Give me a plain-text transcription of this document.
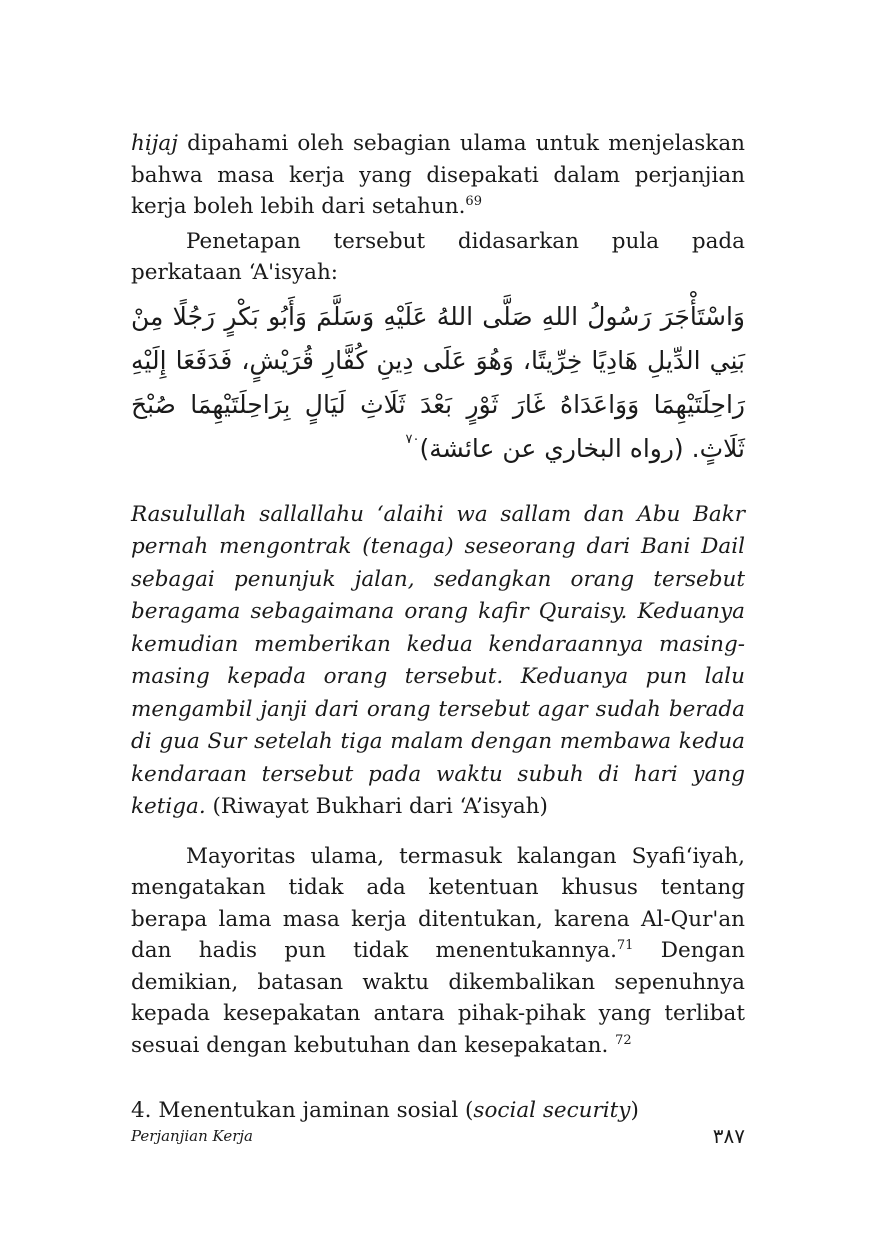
hijaj dipahami oleh sebagian ulama untuk menjelaskan bahwa masa kerja yang disepakati dalam perjanjian kerja boleh lebih dari setahun.$^{69}$

Penetapan tersebut didasarkan pula pada perkataan ‘A'isyah:

وَاسْتَأْجَرَ رَسُولُ اللهِ صَلَّى اللهُ عَلَيْهِ وَسَلَّمَ وَأَبُو بَكْرٍ رَجُلًا مِنْ بَنِي الدِّيلِ هَادِيًا خِرِّيتًا، وَهُوَ عَلَى دِينِ كُفَّارِ قُرَيْشٍ، فَدَفَعَا إِلَيْهِ رَاحِلَتَيْهِمَا وَوَاعَدَاهُ غَارَ ثَوْرٍ بَعْدَ ثَلَاثِ لَيَالٍ بِرَاحِلَتَيْهِمَا صُبْحَ ثَلَاثٍ. (رواه البخاري عن عائشة)$^{٧٠}$

Rasulullah sallallahu ‘alaihi wa sallam dan Abu Bakr pernah mengontrak (tenaga) seseorang dari Bani Dail sebagai penunjuk jalan, sedangkan orang tersebut beragama sebagaimana orang kafir Quraisy. Keduanya kemudian memberikan kedua kendaraannya masing-masing kepada orang tersebut. Keduanya pun lalu mengambil janji dari orang tersebut agar sudah berada di gua Sur setelah tiga malam dengan membawa kedua kendaraan tersebut pada waktu subuh di hari yang ketiga. (Riwayat Bukhari dari ‘A’isyah)

Mayoritas ulama, termasuk kalangan Syafi‘iyah, mengatakan tidak ada ketentuan khusus tentang berapa lama masa kerja ditentukan, karena Al-Qur'an dan hadis pun tidak menentukannya.$^{71}$ Dengan demikian, batasan waktu dikembalikan sepenuhnya kepada kesepakatan antara pihak-pihak yang terlibat sesuai dengan kebutuhan dan kesepakatan. $^{72}$

4. Menentukan jaminan sosial (social security)

Perjanjian Kerja	٣٨٧
